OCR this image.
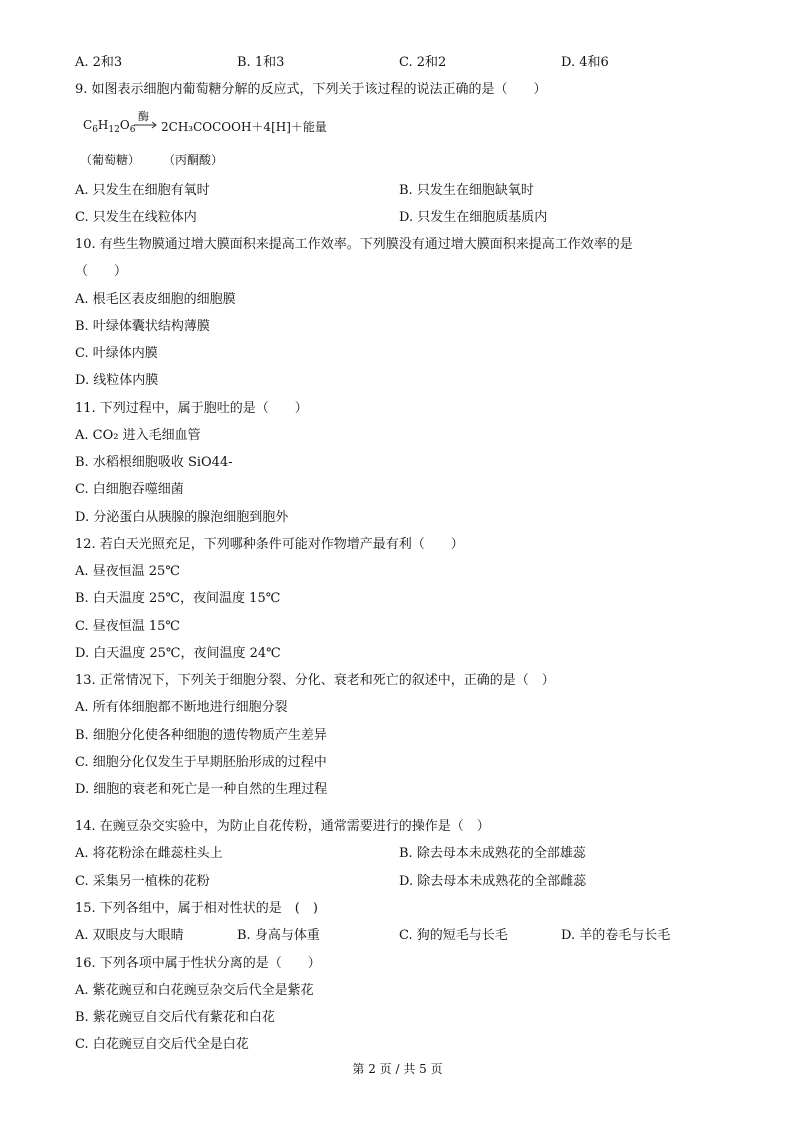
A. 2和3	B. 1和3	C. 2和2	D. 4和6
9. 如图表示细胞内葡萄糖分解的反应式，下列关于该过程的说法正确的是（　　）
$C_6H_{12}O_6$
酶
→ 2CH₃COCOOH＋4[H]＋能量
（葡萄糖） （丙酮酸）
A. 只发生在细胞有氧时	B. 只发生在细胞缺氧时
C. 只发生在线粒体内	D. 只发生在细胞质基质内
10. 有些生物膜通过增大膜面积来提高工作效率。下列膜没有通过增大膜面积来提高工作效率的是
（　　）
A. 根毛区表皮细胞的细胞膜
B. 叶绿体囊状结构薄膜
C. 叶绿体内膜
D. 线粒体内膜
11. 下列过程中，属于胞吐的是（　　）
A. CO₂ 进入毛细血管
B. 水稻根细胞吸收 SiO44-
C. 白细胞吞噬细菌
D. 分泌蛋白从胰腺的腺泡细胞到胞外
12. 若白天光照充足，下列哪种条件可能对作物增产最有利（　　）
A. 昼夜恒温 25℃
B. 白天温度 25℃，夜间温度 15℃
C. 昼夜恒温 15℃
D. 白天温度 25℃，夜间温度 24℃
13. 正常情况下，下列关于细胞分裂、分化、衰老和死亡的叙述中，正确的是（　）
A. 所有体细胞都不断地进行细胞分裂
B. 细胞分化使各种细胞的遗传物质产生差异
C. 细胞分化仅发生于早期胚胎形成的过程中
D. 细胞的衰老和死亡是一种自然的生理过程
14. 在豌豆杂交实验中，为防止自花传粉，通常需要进行的操作是（　）
A. 将花粉涂在雌蕊柱头上	B. 除去母本未成熟花的全部雄蕊
C. 采集另一植株的花粉	D. 除去母本未成熟花的全部雌蕊
15. 下列各组中，属于相对性状的是　(　)
A. 双眼皮与大眼睛	B. 身高与体重	C. 狗的短毛与长毛	D. 羊的卷毛与长毛
16. 下列各项中属于性状分离的是（　　）
A. 紫花豌豆和白花豌豆杂交后代全是紫花
B. 紫花豌豆自交后代有紫花和白花
C. 白花豌豆自交后代全是白花
第 2 页 / 共 5 页
